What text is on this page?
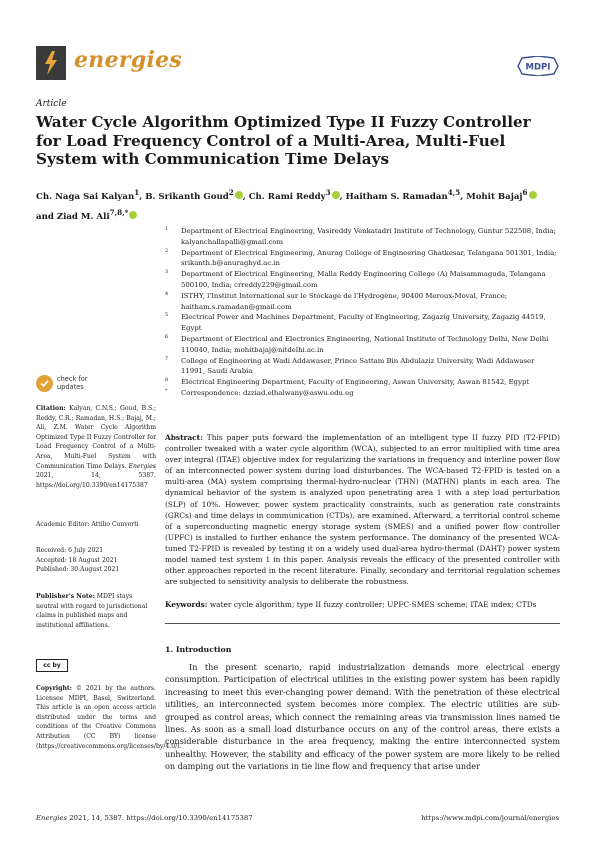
energies	MDPI
Article
Water Cycle Algorithm Optimized Type II Fuzzy Controller for Load Frequency Control of a Multi-Area, Multi-Fuel System with Communication Time Delays
Ch. Naga Sai Kalyan$^1$, B. Srikanth Goud$^2$ , Ch. Rami Reddy$^3$ , Haitham S. Ramadan$^{4,5}$, Mohit Bajaj$^6$
and Ziad M. Ali$^{7,8,*}$
1 Department of Electrical Engineering, Vasireddy Venkatadri Institute of Technology, Guntur 522508, India; kalyanchallapalli@gmail.com
2 Department of Electrical Engineering, Anurag College of Engineering Ghatkesar, Telangana 501301, India; srikanth.b@anuraghyd.ac.in
3 Department of Electrical Engineering, Malla Reddy Engineering College (A) Maisammaguda, Telangana 500100, India; crreddy229@gmail.com
4 ISTHY, l'Institut International sur le Stockage de l'Hydrogène, 90400 Meroux-Moval, France; haitham.s.ramadan@gmail.com
5 Electrical Power and Machines Department, Faculty of Engineering, Zagazig University, Zagazig 44519, Egypt
6 Department of Electrical and Electronics Engineering, National Institute of Technology Delhi, New Delhi 110040, India; mohitbajaj@nitdelhi.ac.in
7 College of Engineering at Wadi Addawaser, Prince Sattam Bin Abdulaziz University, Wadi Addawaser 11991, Saudi Arabia
8 Electrical Engineering Department, Faculty of Engineering, Aswan University, Aswan 81542, Egypt
* Correspondence: dzziad.elhalwany@aswu.edu.eg
check for updates
Citation: Kalyan, C.N.S.; Goud, B.S.; Reddy, C.R.; Ramadan, H.S.; Bajaj, M.; Ali, Z.M. Water Cycle Algorithm Optimized Type II Fuzzy Controller for Load Frequency Control of a Multi-Area, Multi-Fuel System with Communication Time Delays. Energies 2021, 14, 5387. https://doi.org/10.3390/en14175387
Academic Editor: Attilio Converti
Received: 6 July 2021
Accepted: 18 August 2021
Published: 30 August 2021
Publisher's Note: MDPI stays neutral with regard to jurisdictional claims in published maps and institutional affiliations.
cc by
Copyright: © 2021 by the authors. Licensee MDPI, Basel, Switzerland. This article is an open access article distributed under the terms and conditions of the Creative Commons Attribution (CC BY) license (https://creativecommons.org/licenses/by/4.0/).
Abstract: This paper puts forward the implementation of an intelligent type II fuzzy PID (T2-FPID) controller tweaked with a water cycle algorithm (WCA), subjected to an error multiplied with time area over integral (ITAE) objective index for regularizing the variations in frequency and interline power flow of an interconnected power system during load disturbances. The WCA-based T2-FPID is tested on a multi-area (MA) system comprising thermal-hydro-nuclear (THN) (MATHN) plants in each area. The dynamical behavior of the system is analyzed upon penetrating area 1 with a step load perturbation (SLP) of 10%. However, power system practicality constraints, such as generation rate constraints (GRCs) and time delays in communication (CTDs), are examined. Afterward, a territorial control scheme of a superconducting magnetic energy storage system (SMES) and a unified power flow controller (UPFC) is installed to further enhance the system performance. The dominancy of the presented WCA-tuned T2-FPID is revealed by testing it on a widely used dual-area hydro-thermal (DAHT) power system model named test system 1 in this paper. Analysis reveals the efficacy of the presented controller with other approaches reported in the recent literature. Finally, secondary and territorial regulation schemes are subjected to sensitivity analysis to deliberate the robustness.
Keywords: water cycle algorithm; type II fuzzy controller; UPFC-SMES scheme; ITAE index; CTDs
1. Introduction
In the present scenario, rapid industrialization demands more electrical energy consumption. Participation of electrical utilities in the existing power system has been rapidly increasing to meet this ever-changing power demand. With the penetration of these electrical utilities, an interconnected system becomes more complex. The electric utilities are sub-grouped as control areas, which connect the remaining areas via transmission lines named tie lines. As soon as a small load disturbance occurs on any of the control areas, there exists a considerable disturbance in the area frequency, making the entire interconnected system unhealthy. However, the stability and efficacy of the power system are more likely to be relied on damping out the variations in tie line flow and frequency that arise under
Energies 2021, 14, 5387. https://doi.org/10.3390/en14175387	https://www.mdpi.com/journal/energies
